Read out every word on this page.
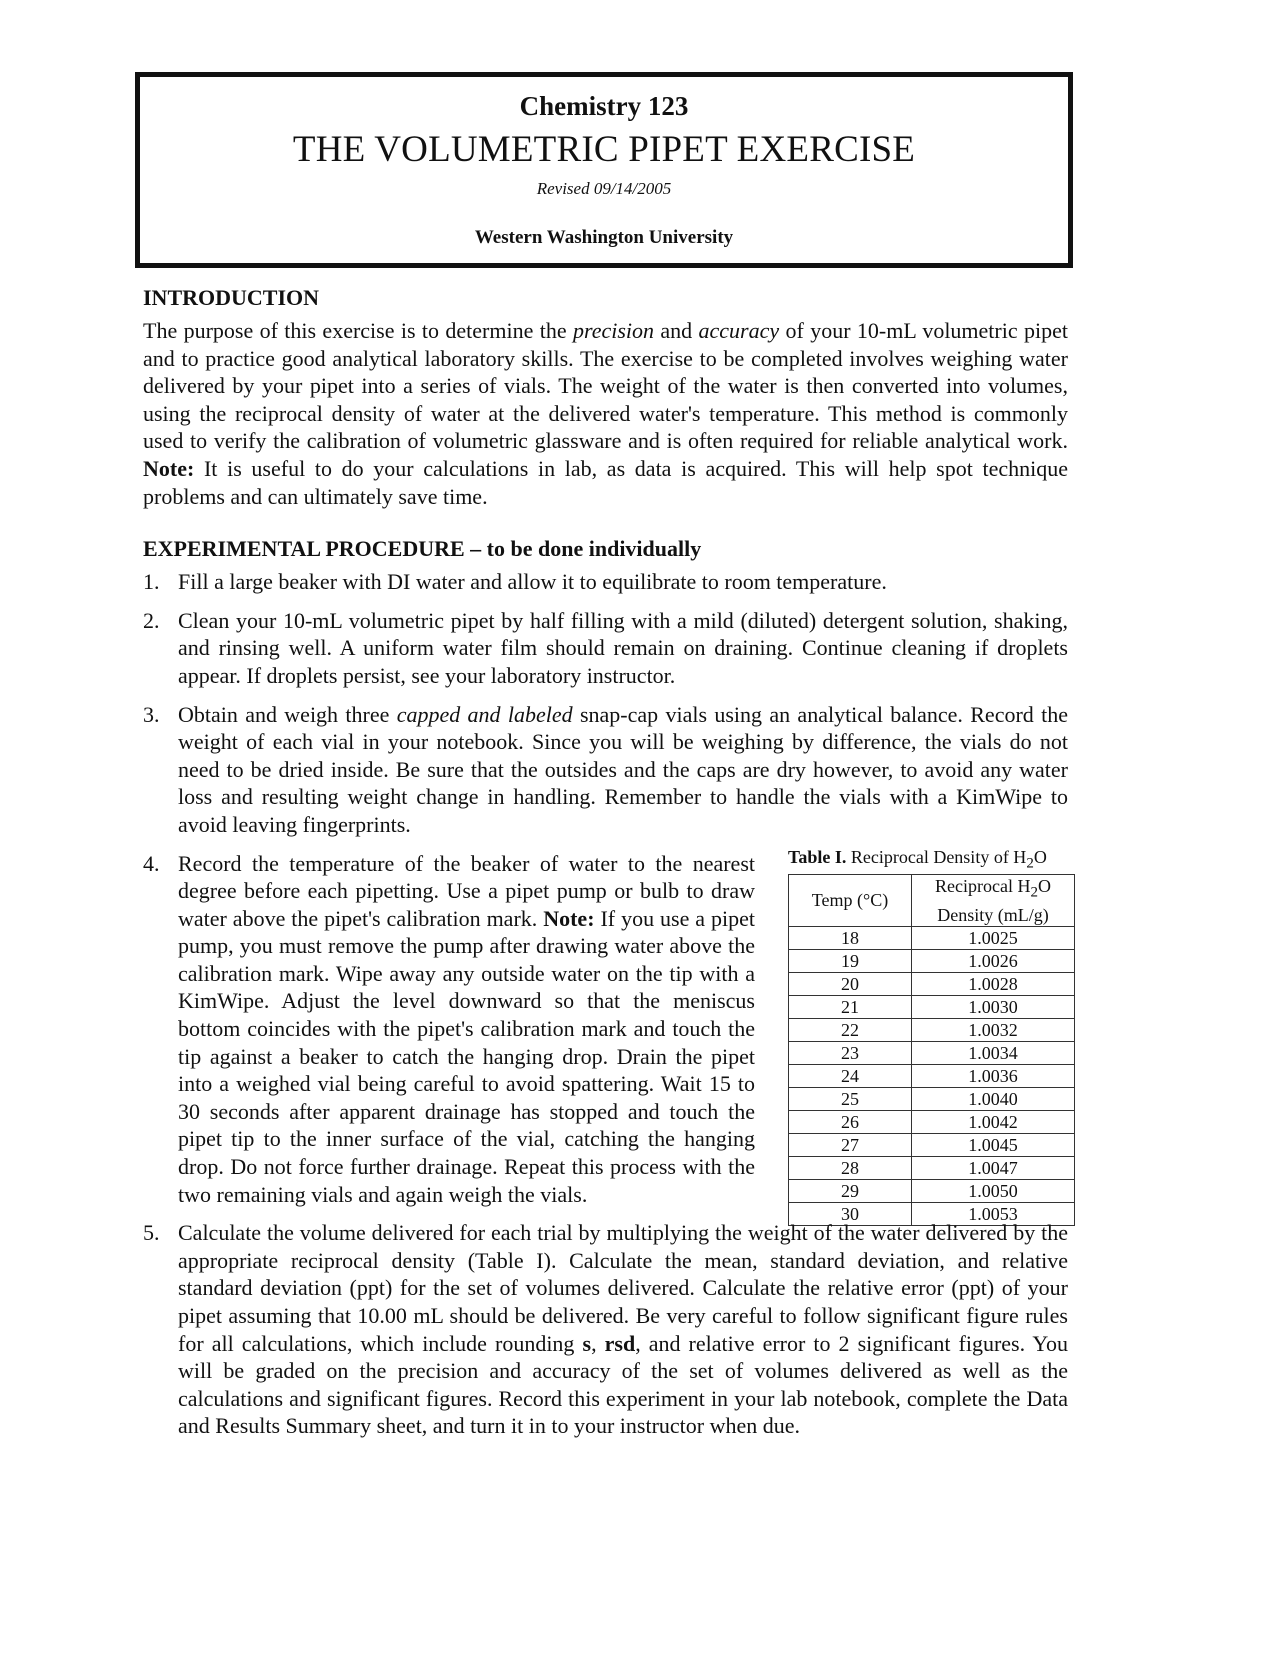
Chemistry 123
THE VOLUMETRIC PIPET EXERCISE
Revised 09/14/2005
Western Washington University
INTRODUCTION

The purpose of this exercise is to determine the precision and accuracy of your 10-mL volumetric pipet and to practice good analytical laboratory skills. The exercise to be completed involves weighing water delivered by your pipet into a series of vials. The weight of the water is then converted into volumes, using the reciprocal density of water at the delivered water's temperature. This method is commonly used to verify the calibration of volumetric glassware and is often required for reliable analytical work. Note: It is useful to do your calculations in lab, as data is acquired. This will help spot technique problems and can ultimately save time.

EXPERIMENTAL PROCEDURE – to be done individually
1. Fill a large beaker with DI water and allow it to equilibrate to room temperature.
2. Clean your 10-mL volumetric pipet by half filling with a mild (diluted) detergent solution, shaking, and rinsing well. A uniform water film should remain on draining. Continue cleaning if droplets appear. If droplets persist, see your laboratory instructor.
3. Obtain and weigh three capped and labeled snap-cap vials using an analytical balance. Record the weight of each vial in your notebook. Since you will be weighing by difference, the vials do not need to be dried inside. Be sure that the outsides and the caps are dry however, to avoid any water loss and resulting weight change in handling. Remember to handle the vials with a KimWipe to avoid leaving fingerprints.
4. Record the temperature of the beaker of water to the nearest degree before each pipetting. Use a pipet pump or bulb to draw water above the pipet's calibration mark. Note: If you use a pipet pump, you must remove the pump after drawing water above the calibration mark. Wipe away any outside water on the tip with a KimWipe. Adjust the level downward so that the meniscus bottom coincides with the pipet's calibration mark and touch the tip against a beaker to catch the hanging drop. Drain the pipet into a weighed vial being careful to avoid spattering. Wait 15 to 30 seconds after apparent drainage has stopped and touch the pipet tip to the inner surface of the vial, catching the hanging drop. Do not force further drainage. Repeat this process with the two remaining vials and again weigh the vials.
Table I. Reciprocal Density of $H_2O$
Temp (°C)	Reciprocal $H_2O$
Density (mL/g)
18	1.0025
19	1.0026
20	1.0028
21	1.0030
22	1.0032
23	1.0034
24	1.0036
25	1.0040
26	1.0042
27	1.0045
28	1.0047
29	1.0050
30	1.0053
5. Calculate the volume delivered for each trial by multiplying the weight of the water delivered by the appropriate reciprocal density (Table I). Calculate the mean, standard deviation, and relative standard deviation (ppt) for the set of volumes delivered. Calculate the relative error (ppt) of your pipet assuming that 10.00 mL should be delivered. Be very careful to follow significant figure rules for all calculations, which include rounding s, rsd, and relative error to 2 significant figures. You will be graded on the precision and accuracy of the set of volumes delivered as well as the calculations and significant figures. Record this experiment in your lab notebook, complete the Data and Results Summary sheet, and turn it in to your instructor when due.
